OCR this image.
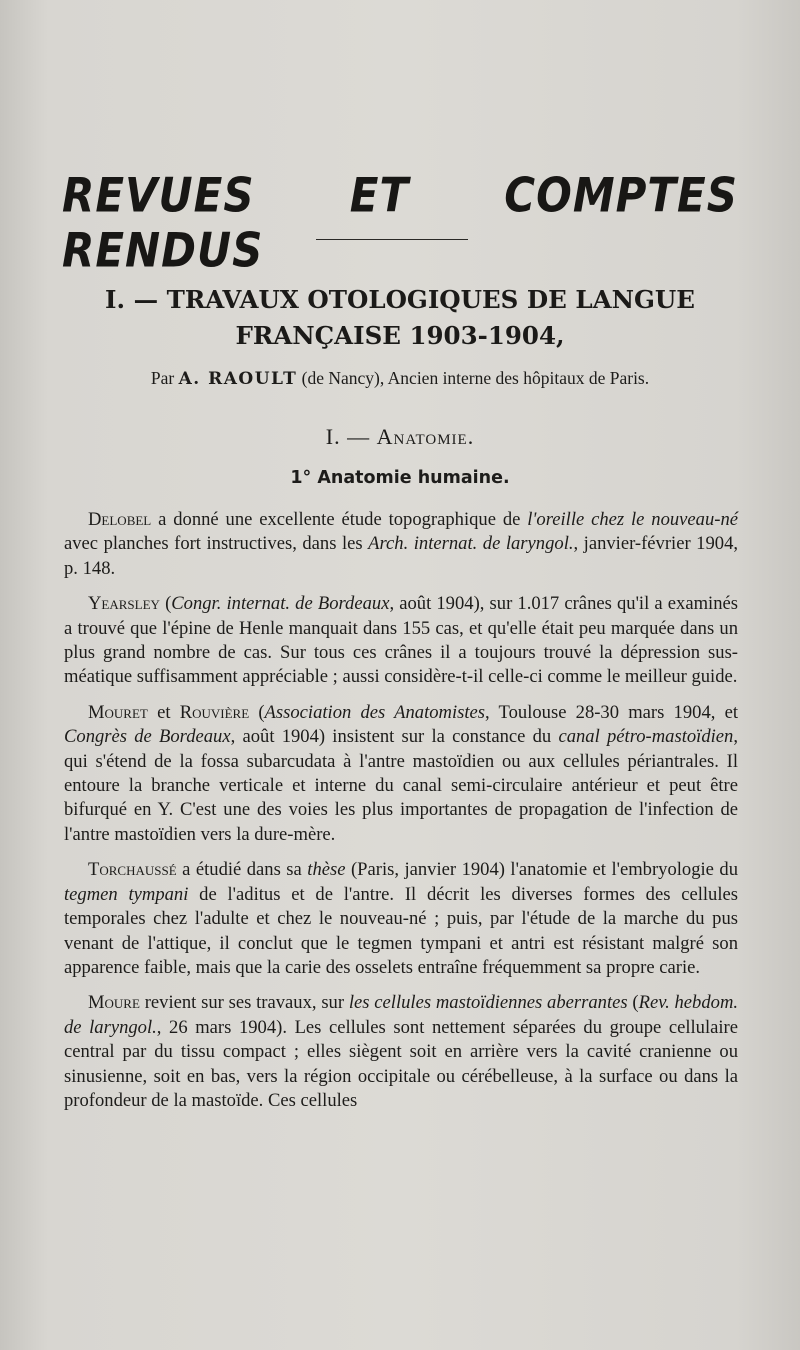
REVUES ET COMPTES RENDUS
I. — TRAVAUX OTOLOGIQUES DE LANGUE
FRANÇAISE 1903-1904,
Par A. RAOULT (de Nancy), Ancien interne des hôpitaux de Paris.
I. — Anatomie.
1° Anatomie humaine.

Delobel a donné une excellente étude topographique de l'oreille chez le nouveau-né avec planches fort instructives, dans les Arch. internat. de laryngol., janvier-février 1904, p. 148.

Yearsley (Congr. internat. de Bordeaux, août 1904), sur 1.017 crânes qu'il a examinés a trouvé que l'épine de Henle manquait dans 155 cas, et qu'elle était peu marquée dans un plus grand nombre de cas. Sur tous ces crânes il a toujours trouvé la dépression sus-méatique suffisamment appréciable ; aussi considère-t-il celle-ci comme le meilleur guide.

Mouret et Rouvière (Association des Anatomistes, Toulouse 28-30 mars 1904, et Congrès de Bordeaux, août 1904) insistent sur la constance du canal pétro-mastoïdien, qui s'étend de la fossa subarcudata à l'antre mastoïdien ou aux cellules périantrales. Il entoure la branche verticale et interne du canal semi-circulaire antérieur et peut être bifurqué en Y. C'est une des voies les plus importantes de propagation de l'infection de l'antre mastoïdien vers la dure-mère.

Torchaussé a étudié dans sa thèse (Paris, janvier 1904) l'anatomie et l'embryologie du tegmen tympani de l'aditus et de l'antre. Il décrit les diverses formes des cellules temporales chez l'adulte et chez le nouveau-né ; puis, par l'étude de la marche du pus venant de l'attique, il conclut que le tegmen tympani et antri est résistant malgré son apparence faible, mais que la carie des osselets entraîne fréquemment sa propre carie.

Moure revient sur ses travaux, sur les cellules mastoïdiennes aberrantes (Rev. hebdom. de laryngol., 26 mars 1904). Les cellules sont nettement séparées du groupe cellulaire central par du tissu compact ; elles siègent soit en arrière vers la cavité cranienne ou sinusienne, soit en bas, vers la région occipitale ou cérébelleuse, à la surface ou dans la profondeur de la mastoïde. Ces cellules
